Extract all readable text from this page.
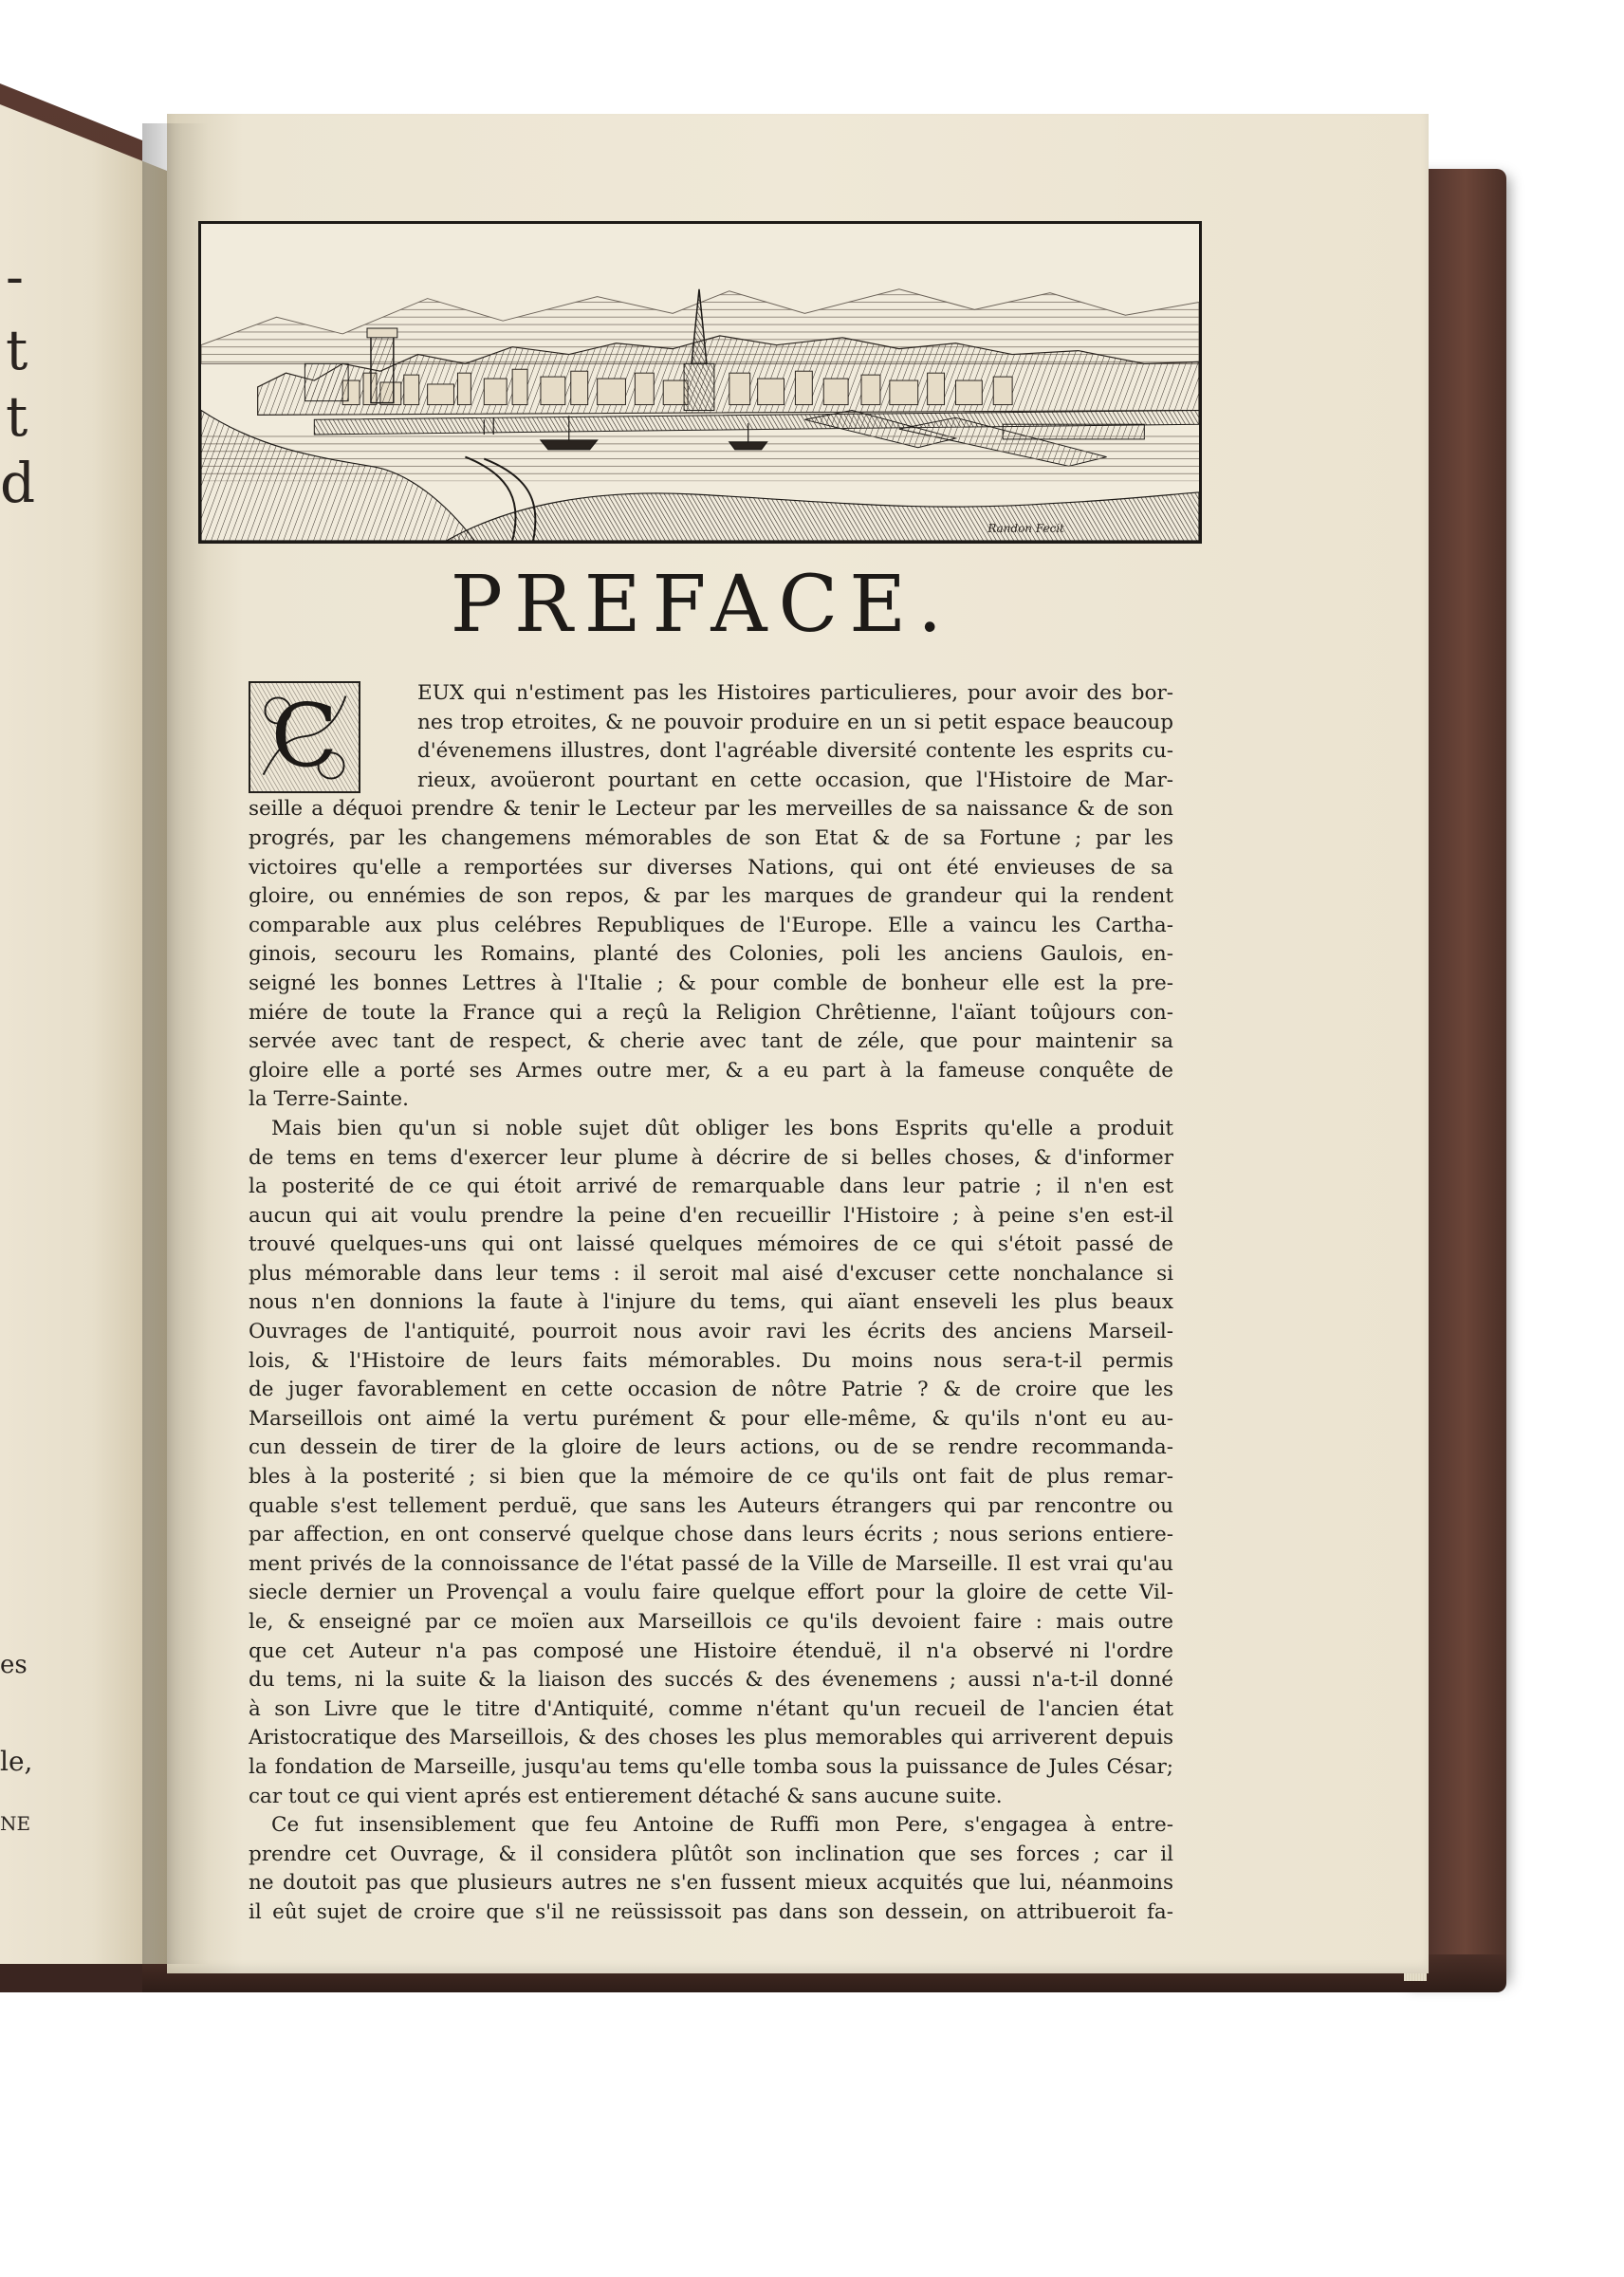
-
t
t
d
es
le,
NE
Randon Fecit
PREFACE.
C	EUX qui n'estiment pas les Histoires particulieres, pour avoir des bor-
nes trop etroites, & ne pouvoir produire en un si petit espace beaucoup
d'évenemens illustres, dont l'agréable diversité contente les esprits cu-
rieux, avoüeront pourtant en cette occasion, que l'Histoire de Mar-
seille a déquoi prendre & tenir le Lecteur par les merveilles de sa naissance & de son
progrés, par les changemens mémorables de son Etat & de sa Fortune ; par les
victoires qu'elle a remportées sur diverses Nations, qui ont été envieuses de sa
gloire, ou ennémies de son repos, & par les marques de grandeur qui la rendent
comparable aux plus celébres Republiques de l'Europe. Elle a vaincu les Cartha-
ginois, secouru les Romains, planté des Colonies, poli les anciens Gaulois, en-
seigné les bonnes Lettres à l'Italie ; & pour comble de bonheur elle est la pre-
miére de toute la France qui a reçû la Religion Chrêtienne, l'aïant toûjours con-
servée avec tant de respect, & cherie avec tant de zéle, que pour maintenir sa
gloire elle a porté ses Armes outre mer, & a eu part à la fameuse conquête de
la Terre-Sainte.
Mais bien qu'un si noble sujet dût obliger les bons Esprits qu'elle a produit
de tems en tems d'exercer leur plume à décrire de si belles choses, & d'informer
la posterité de ce qui étoit arrivé de remarquable dans leur patrie ; il n'en est
aucun qui ait voulu prendre la peine d'en recueillir l'Histoire ; à peine s'en est-il
trouvé quelques-uns qui ont laissé quelques mémoires de ce qui s'étoit passé de
plus mémorable dans leur tems : il seroit mal aisé d'excuser cette nonchalance si
nous n'en donnions la faute à l'injure du tems, qui aïant enseveli les plus beaux
Ouvrages de l'antiquité, pourroit nous avoir ravi les écrits des anciens Marseil-
lois, & l'Histoire de leurs faits mémorables. Du moins nous sera-t-il permis
de juger favorablement en cette occasion de nôtre Patrie ? & de croire que les
Marseillois ont aimé la vertu purément & pour elle-même, & qu'ils n'ont eu au-
cun dessein de tirer de la gloire de leurs actions, ou de se rendre recommanda-
bles à la posterité ; si bien que la mémoire de ce qu'ils ont fait de plus remar-
quable s'est tellement perduë, que sans les Auteurs étrangers qui par rencontre ou
par affection, en ont conservé quelque chose dans leurs écrits ; nous serions entiere-
ment privés de la connoissance de l'état passé de la Ville de Marseille. Il est vrai qu'au
siecle dernier un Provençal a voulu faire quelque effort pour la gloire de cette Vil-
le, & enseigné par ce moïen aux Marseillois ce qu'ils devoient faire : mais outre
que cet Auteur n'a pas composé une Histoire étenduë, il n'a observé ni l'ordre
du tems, ni la suite & la liaison des succés & des évenemens ; aussi n'a-t-il donné
à son Livre que le titre d'Antiquité, comme n'étant qu'un recueil de l'ancien état
Aristocratique des Marseillois, & des choses les plus memorables qui arriverent depuis
la fondation de Marseille, jusqu'au tems qu'elle tomba sous la puissance de Jules César;
car tout ce qui vient aprés est entierement détaché & sans aucune suite.
Ce fut insensiblement que feu Antoine de Ruffi mon Pere, s'engagea à entre-
prendre cet Ouvrage, & il considera plûtôt son inclination que ses forces ; car il
ne doutoit pas que plusieurs autres ne s'en fussent mieux acquités que lui, néanmoins
il eût sujet de croire que s'il ne reüssissoit pas dans son dessein, on attribueroit fa-
